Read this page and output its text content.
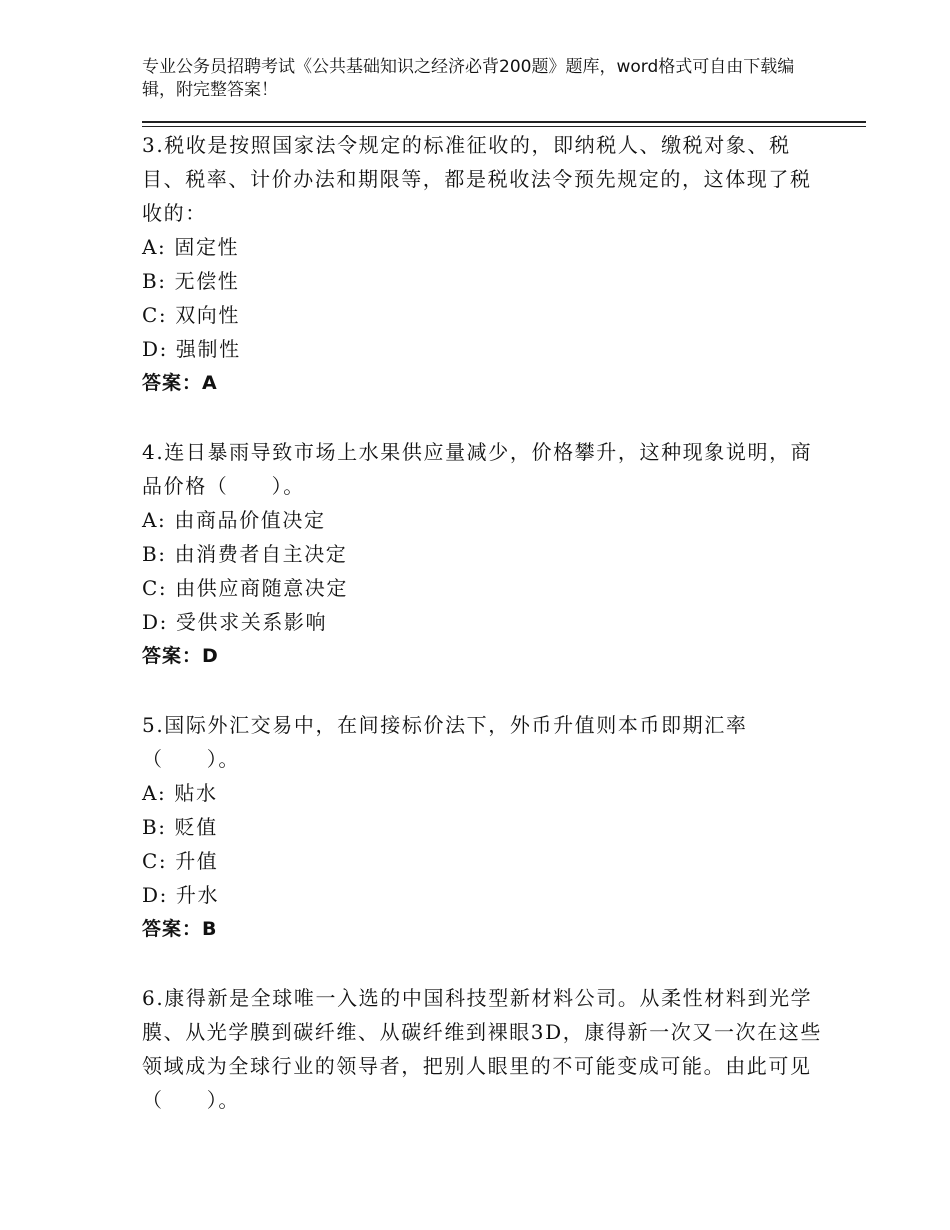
专业公务员招聘考试《公共基础知识之经济必背200题》题库，word格式可自由下载编辑，附完整答案！

3.税收是按照国家法令规定的标准征收的，即纳税人、缴税对象、税目、税率、计价办法和期限等，都是税收法令预先规定的，这体现了税收的：

A: 固定性

B: 无偿性

C: 双向性

D: 强制性

答案：A

4.连日暴雨导致市场上水果供应量减少，价格攀升，这种现象说明，商品价格（　　）。

A: 由商品价值决定

B: 由消费者自主决定

C: 由供应商随意决定

D: 受供求关系影响

答案：D

5.国际外汇交易中，在间接标价法下，外币升值则本币即期汇率（　　）。

A: 贴水

B: 贬值

C: 升值

D: 升水

答案：B

6.康得新是全球唯一入选的中国科技型新材料公司。从柔性材料到光学膜、从光学膜到碳纤维、从碳纤维到裸眼3D，康得新一次又一次在这些领域成为全球行业的领导者，把别人眼里的不可能变成可能。由此可见（　　）。
